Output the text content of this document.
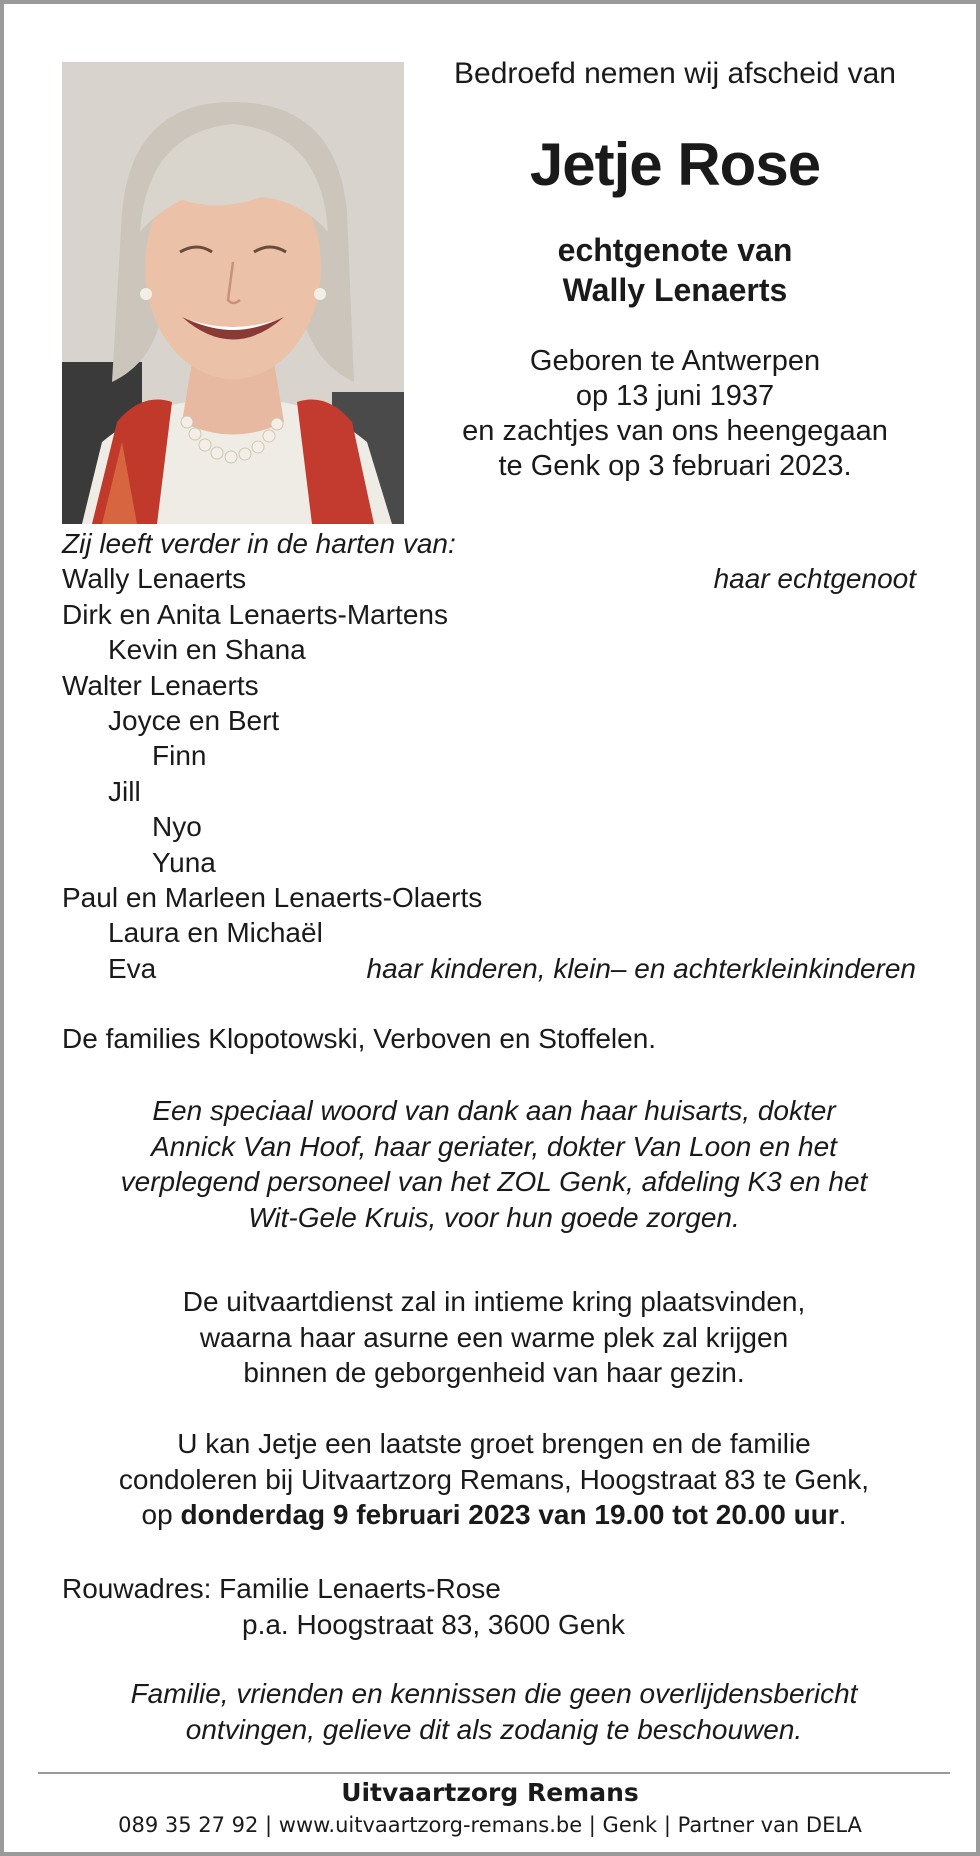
Bedroefd nemen wij afscheid van

Jetje Rose

echtgenote van
Wally Lenaerts
Geboren te Antwerpen
op 13 juni 1937
en zachtjes van ons heengegaan
te Genk op 3 februari 2023.
Zij leeft verder in de harten van:
Wally Lenaerts	haar echtgenoot
Dirk en Anita Lenaerts-Martens
Kevin en Shana
Walter Lenaerts
Joyce en Bert
Finn
Jill
Nyo
Yuna
Paul en Marleen Lenaerts-Olaerts
Laura en Michaël
Eva	haar kinderen, klein– en achterkleinkinderen
De families Klopotowski, Verboven en Stoffelen.
Een speciaal woord van dank aan haar huisarts, dokter
Annick Van Hoof, haar geriater, dokter Van Loon en het
verplegend personeel van het ZOL Genk, afdeling K3 en het
Wit-Gele Kruis, voor hun goede zorgen.
De uitvaartdienst zal in intieme kring plaatsvinden,
waarna haar asurne een warme plek zal krijgen
binnen de geborgenheid van haar gezin.
U kan Jetje een laatste groet brengen en de familie
condoleren bij Uitvaartzorg Remans, Hoogstraat 83 te Genk,
op donderdag 9 februari 2023 van 19.00 tot 20.00 uur.
Rouwadres: Familie Lenaerts-Rose
p.a. Hoogstraat 83, 3600 Genk
Familie, vrienden en kennissen die geen overlijdensbericht
ontvingen, gelieve dit als zodanig te beschouwen.
Uitvaartzorg Remans
089 35 27 92 | www.uitvaartzorg-remans.be | Genk | Partner van DELA
